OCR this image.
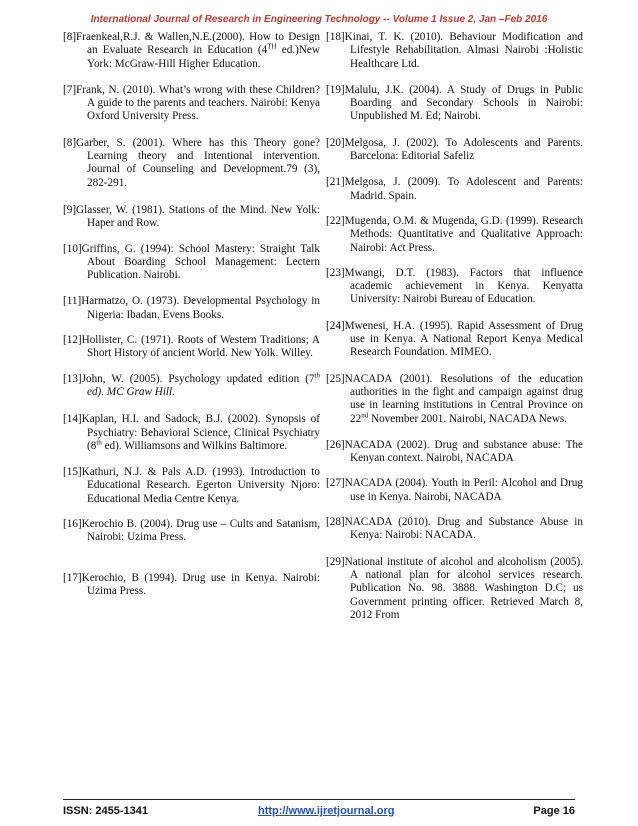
International Journal of Research in Engineering Technology -- Volume 1 Issue 2, Jan –Feb 2016

[8]Fraenkeal,R.J. & Wallen,N.E.(2000). How to Design an Evaluate Research in Education (4TH ed.)New York: McGraw-Hill Higher Education.

[7]Frank, N. (2010). What’s wrong with these Children? A guide to the parents and teachers. Nairobi: Kenya Oxford University Press.

[8]Garber, S. (2001). Where has this Theory gone? Learning theory and Intentional intervention. Journal of Counseling and Development.79 (3), 282-291.

[9]Glasser, W. (1981). Stations of the Mind. New Yolk: Haper and Row.

[10]Griffins, G. (1994): School Mastery: Straight Talk About Boarding School Management: Lectern Publication. Nairobi.

[11]Harmatzo, O. (1973). Developmental Psychology in Nigeria: Ibadan. Evens Books.

[12]Hollister, C. (1971). Roots of Western Traditions; A Short History of ancient World. New Yolk. Willey.

[13]John, W. (2005). Psychology updated edition (7th ed). MC Graw Hill.

[14]Kaplan, H.I. and Sadock, B.J. (2002). Synopsis of Psychiatry: Behavioral Science, Clinical Psychiatry (8th ed). Williamsons and Wilkins Baltimore.

[15]Kathuri, N.J. & Pals A.D. (1993). Introduction to Educational Research. Egerton University Njoro: Educational Media Centre Kenya.

[16]Kerochio B. (2004). Drug use – Cults and Satanism, Nairobi: Uzima Press.

[17]Kerochio, B (1994). Drug use in Kenya. Nairobi: Uzima Press.

[18]Kinai, T. K. (2010). Behaviour Modification and Lifestyle Rehabilitation. Almasi Nairobi :Holistic Healthcare Ltd.

[19]Malulu, J.K. (2004). A Study of Drugs in Public Boarding and Secondary Schools in Nairobi: Unpublished M. Ed; Nairobi.

[20]Melgosa, J. (2002). To Adolescents and Parents. Barcelona: Editorial Safeliz

[21]Melgosa, J. (2009). To Adolescent and Parents: Madrid. Spain.

[22]Mugenda, O.M. & Mugenda, G.D. (1999). Research Methods: Quantitative and Qualitative Approach: Nairobi: Act Press.

[23]Mwangi, D.T. (1983). Factors that influence academic achievement in Kenya. Kenyatta University: Nairobi Bureau of Education.

[24]Mwenesi, H.A. (1995). Rapid Assessment of Drug use in Kenya. A National Report Kenya Medical Research Foundation. MIMEO.

[25]NACADA (2001). Resolutions of the education authorities in the fight and campaign against drug use in learning institutions in Central Province on 22nd November 2001. Nairobi, NACADA News.

[26]NACADA (2002). Drug and substance abuse: The Kenyan context. Nairobi, NACADA

[27]NACADA (2004). Youth in Peril: Alcohol and Drug use in Kenya. Nairobi, NACADA

[28]NACADA (2010). Drug and Substance Abuse in Kenya: Nairobi: NACADA.

[29]National institute of alcohol and alcoholism (2005). A national plan for alcohol services research. Publication No. 98. 3888. Washington D.C; us Government printing officer. Retrieved March 8, 2012 From

ISSN: 2455-1341	http://www.ijretjournal.org	Page 16
